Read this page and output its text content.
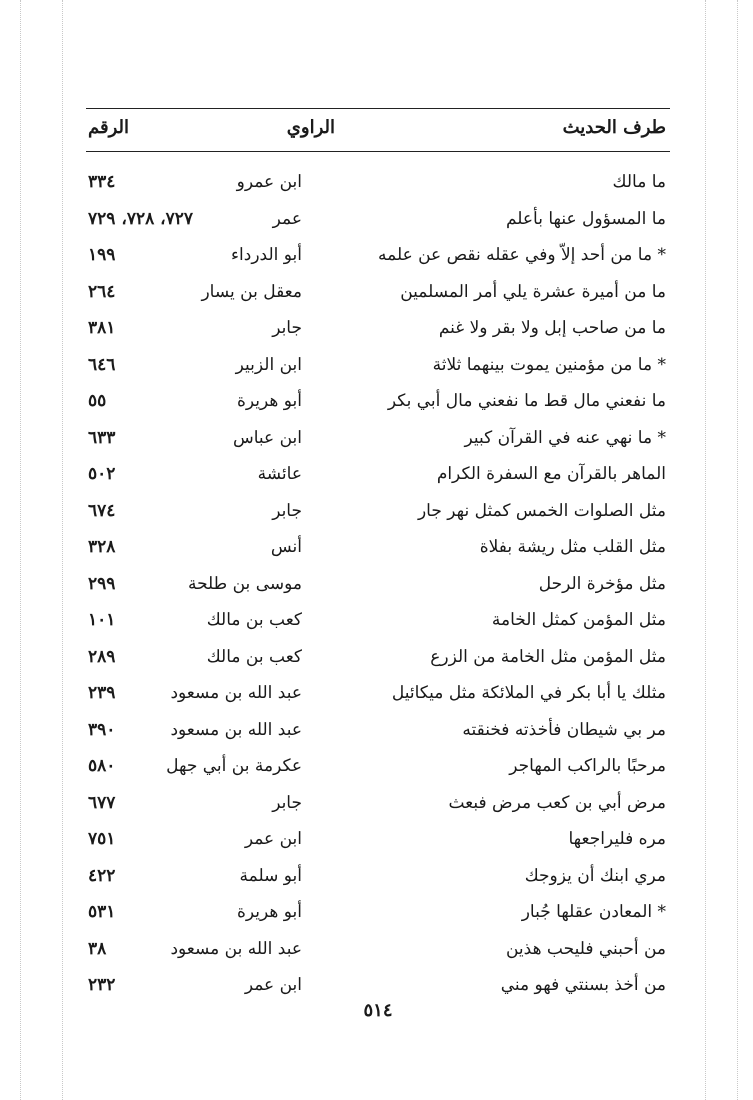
طرف الحديث
الراوي
الرقم
ما مالك
ابن عمرو
٣٣٤
ما المسؤول عنها بأعلم
عمر
٧٢٧، ٧٢٨، ٧٢٩
* ما من أحد إلاّ وفي عقله نقص عن علمه
أبو الدرداء
١٩٩
ما من أميرة عشرة يلي أمر المسلمين
معقل بن يسار
٢٦٤
ما من صاحب إبل ولا بقر ولا غنم
جابر
٣٨١
* ما من مؤمنين يموت بينهما ثلاثة
ابن الزبير
٦٤٦
ما نفعني مال قط ما نفعني مال أبي بكر
أبو هريرة
٥٥
* ما نهي عنه في القرآن كبير
ابن عباس
٦٣٣
الماهر بالقرآن مع السفرة الكرام
عائشة
٥٠٢
مثل الصلوات الخمس كمثل نهر جار
جابر
٦٧٤
مثل القلب مثل ريشة بفلاة
أنس
٣٢٨
مثل مؤخرة الرحل
موسى بن طلحة
٢٩٩
مثل المؤمن كمثل الخامة
كعب بن مالك
١٠١
مثل المؤمن مثل الخامة من الزرع
كعب بن مالك
٢٨٩
مثلك يا أبا بكر في الملائكة مثل ميكائيل
عبد الله بن مسعود
٢٣٩
مر بي شيطان فأخذته فخنقته
عبد الله بن مسعود
٣٩٠
مرحبًا بالراكب المهاجر
عكرمة بن أبي جهل
٥٨٠
مرض أبي بن كعب مرض فبعث
جابر
٦٧٧
مره فليراجعها
ابن عمر
٧٥١
مري ابنك أن يزوجك
أبو سلمة
٤٢٢
* المعادن عقلها جُبار
أبو هريرة
٥٣١
من أحبني فليحب هذين
عبد الله بن مسعود
٣٨
من أخذ بسنتي فهو مني
ابن عمر
٢٣٢
٥١٤
